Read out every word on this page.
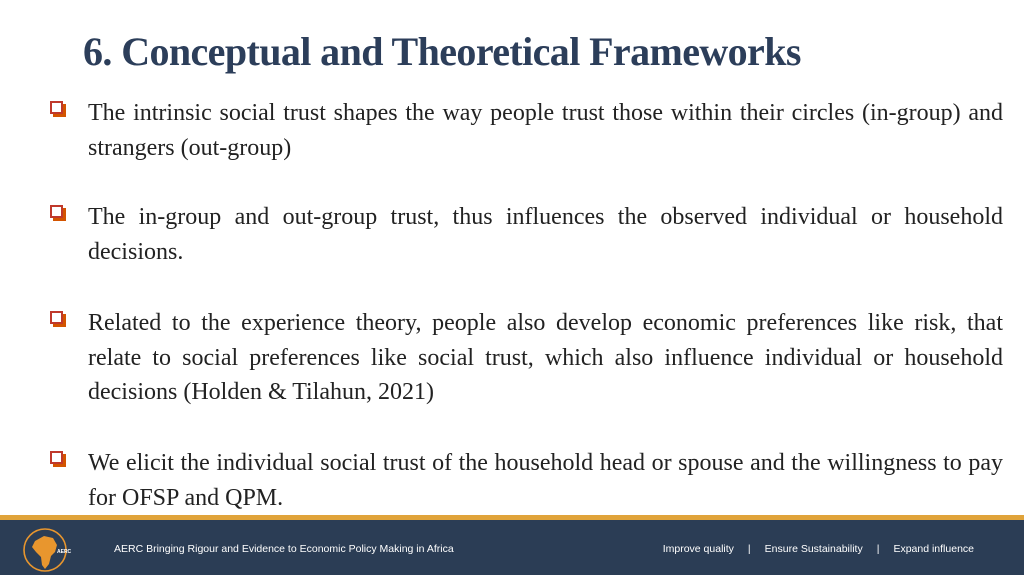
6. Conceptual and Theoretical Frameworks
The intrinsic social trust shapes the way people trust those within their circles (in-group) and strangers (out-group)
The in-group and out-group trust, thus influences the observed individual or household decisions.
Related to the experience theory, people also develop economic preferences like risk, that relate to social preferences like social trust, which also influence individual or household decisions (Holden & Tilahun, 2021)
We elicit the individual social trust of the household head or spouse and the willingness to pay for OFSP and QPM.
AERC	AERC Bringing Rigour and Evidence to Economic Policy Making in Africa	Improve quality | Ensure Sustainability | Expand influence
